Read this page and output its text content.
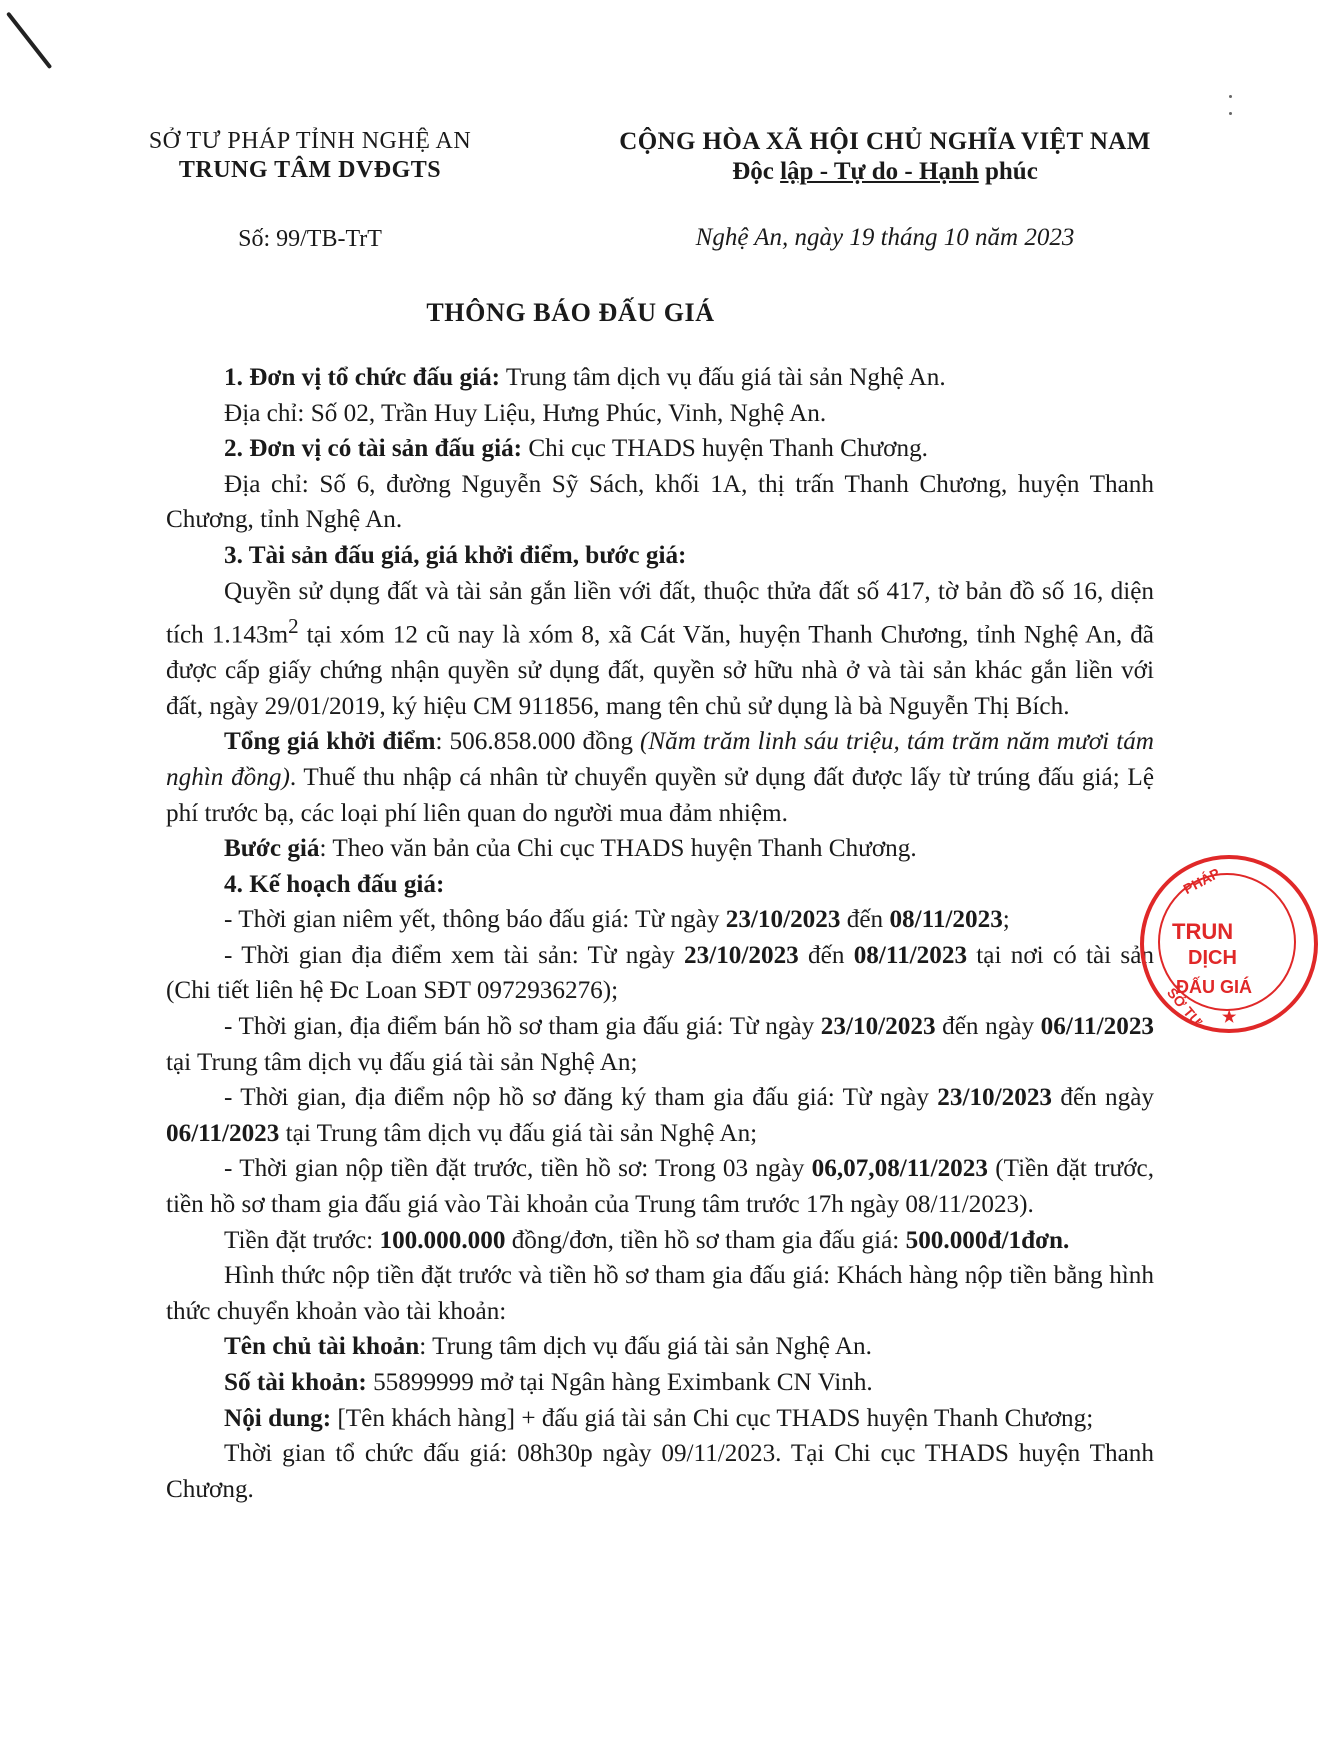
SỞ TƯ PHÁP TỈNH NGHỆ AN
TRUNG TÂM DVĐGTS
Số: 99/TB-TrT
CỘNG HÒA XÃ HỘI CHỦ NGHĨA VIỆT NAM
Độc lập - Tự do - Hạnh phúc
Nghệ An, ngày 19 tháng 10 năm 2023
THÔNG BÁO ĐẤU GIÁ

1. Đơn vị tổ chức đấu giá: Trung tâm dịch vụ đấu giá tài sản Nghệ An.

Địa chỉ: Số 02, Trần Huy Liệu, Hưng Phúc, Vinh, Nghệ An.

2. Đơn vị có tài sản đấu giá: Chi cục THADS huyện Thanh Chương.

Địa chỉ: Số 6, đường Nguyễn Sỹ Sách, khối 1A, thị trấn Thanh Chương, huyện Thanh Chương, tỉnh Nghệ An.

3. Tài sản đấu giá, giá khởi điểm, bước giá:

Quyền sử dụng đất và tài sản gắn liền với đất, thuộc thửa đất số 417, tờ bản đồ số 16, diện tích $1.143m^2$ tại xóm 12 cũ nay là xóm 8, xã Cát Văn, huyện Thanh Chương, tỉnh Nghệ An, đã được cấp giấy chứng nhận quyền sử dụng đất, quyền sở hữu nhà ở và tài sản khác gắn liền với đất, ngày 29/01/2019, ký hiệu CM 911856, mang tên chủ sử dụng là bà Nguyễn Thị Bích.

Tổng giá khởi điểm: 506.858.000 đồng (Năm trăm linh sáu triệu, tám trăm năm mươi tám nghìn đồng). Thuế thu nhập cá nhân từ chuyển quyền sử dụng đất được lấy từ trúng đấu giá; Lệ phí trước bạ, các loại phí liên quan do người mua đảm nhiệm.

Bước giá: Theo văn bản của Chi cục THADS huyện Thanh Chương.

4. Kế hoạch đấu giá:

- Thời gian niêm yết, thông báo đấu giá: Từ ngày 23/10/2023 đến 08/11/2023;

- Thời gian địa điểm xem tài sản: Từ ngày 23/10/2023 đến 08/11/2023 tại nơi có tài sản (Chi tiết liên hệ Đc Loan SĐT 0972936276);

- Thời gian, địa điểm bán hồ sơ tham gia đấu giá: Từ ngày 23/10/2023 đến ngày 06/11/2023 tại Trung tâm dịch vụ đấu giá tài sản Nghệ An;

- Thời gian, địa điểm nộp hồ sơ đăng ký tham gia đấu giá: Từ ngày 23/10/2023 đến ngày 06/11/2023 tại Trung tâm dịch vụ đấu giá tài sản Nghệ An;

- Thời gian nộp tiền đặt trước, tiền hồ sơ: Trong 03 ngày 06,07,08/11/2023 (Tiền đặt trước, tiền hồ sơ tham gia đấu giá vào Tài khoản của Trung tâm trước 17h ngày 08/11/2023).

Tiền đặt trước: 100.000.000 đồng/đơn, tiền hồ sơ tham gia đấu giá: 500.000đ/1đơn.

Hình thức nộp tiền đặt trước và tiền hồ sơ tham gia đấu giá: Khách hàng nộp tiền bằng hình thức chuyển khoản vào tài khoản:

Tên chủ tài khoản: Trung tâm dịch vụ đấu giá tài sản Nghệ An.

Số tài khoản: 55899999 mở tại Ngân hàng Eximbank CN Vinh.

Nội dung: [Tên khách hàng] + đấu giá tài sản Chi cục THADS huyện Thanh Chương;

Thời gian tổ chức đấu giá: 08h30p ngày 09/11/2023. Tại Chi cục THADS huyện Thanh Chương.

PHÁP
TRUN
DỊCH
ĐẤU GIÁ
SỞ TƯ ★
